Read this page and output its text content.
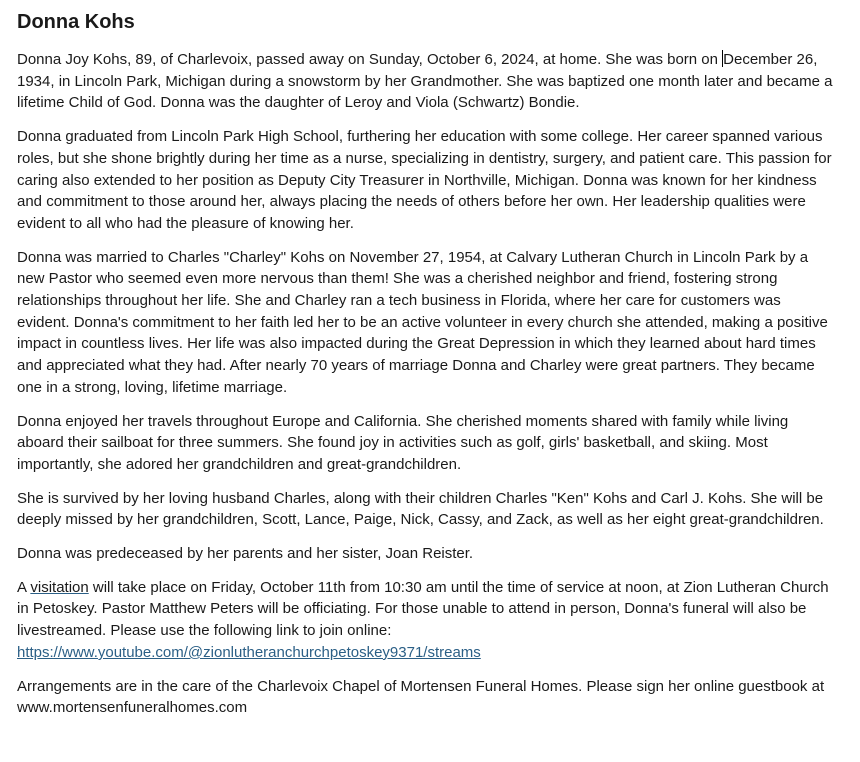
Donna Kohs

Donna Joy Kohs, 89, of Charlevoix, passed away on Sunday, October 6, 2024, at home. She was born on December 26, 1934, in Lincoln Park, Michigan during a snowstorm by her Grandmother. She was baptized one month later and became a lifetime Child of God. Donna was the daughter of Leroy and Viola (Schwartz) Bondie.

Donna graduated from Lincoln Park High School, furthering her education with some college. Her career spanned various roles, but she shone brightly during her time as a nurse, specializing in dentistry, surgery, and patient care. This passion for caring also extended to her position as Deputy City Treasurer in Northville, Michigan. Donna was known for her kindness and commitment to those around her, always placing the needs of others before her own. Her leadership qualities were evident to all who had the pleasure of knowing her.

Donna was married to Charles "Charley" Kohs on November 27, 1954, at Calvary Lutheran Church in Lincoln Park by a new Pastor who seemed even more nervous than them! She was a cherished neighbor and friend, fostering strong relationships throughout her life. She and Charley ran a tech business in Florida, where her care for customers was evident. Donna's commitment to her faith led her to be an active volunteer in every church she attended, making a positive impact in countless lives. Her life was also impacted during the Great Depression in which they learned about hard times and appreciated what they had. After nearly 70 years of marriage Donna and Charley were great partners. They became one in a strong, loving, lifetime marriage.

Donna enjoyed her travels throughout Europe and California. She cherished moments shared with family while living aboard their sailboat for three summers. She found joy in activities such as golf, girls' basketball, and skiing. Most importantly, she adored her grandchildren and great-grandchildren.

She is survived by her loving husband Charles, along with their children Charles "Ken" Kohs and Carl J. Kohs. She will be deeply missed by her grandchildren, Scott, Lance, Paige, Nick, Cassy, and Zack, as well as her eight great-grandchildren.

Donna was predeceased by her parents and her sister, Joan Reister.

A visitation will take place on Friday, October 11th from 10:30 am until the time of service at noon, at Zion Lutheran Church in Petoskey. Pastor Matthew Peters will be officiating. For those unable to attend in person, Donna's funeral will also be livestreamed. Please use the following link to join online: https://www.youtube.com/@zionlutheranchurchpetoskey9371/streams

Arrangements are in the care of the Charlevoix Chapel of Mortensen Funeral Homes. Please sign her online guestbook at www.mortensenfuneralhomes.com
